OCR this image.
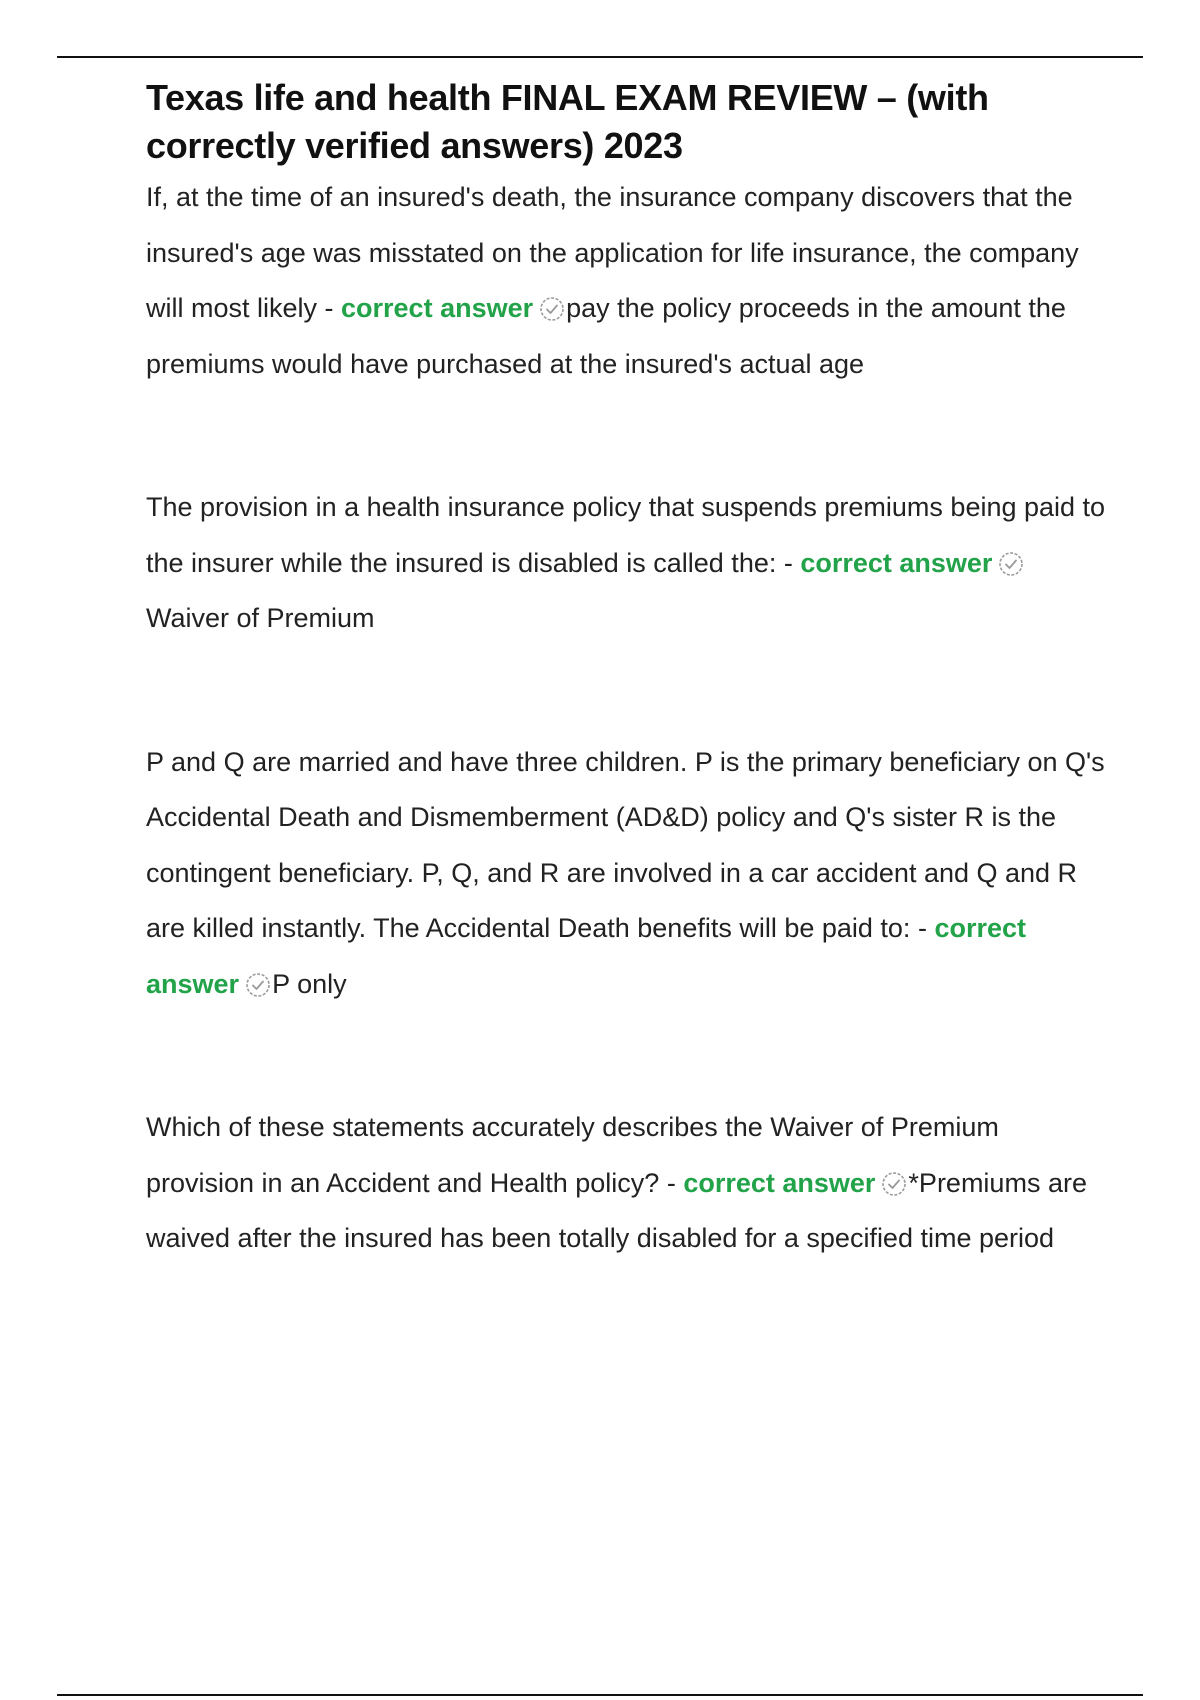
Texas life and health FINAL EXAM REVIEW – (with correctly verified answers) 2023

If, at the time of an insured's death, the insurance company discovers that the insured's age was misstated on the application for life insurance, the company will most likely - correct answer pay the policy proceeds in the amount the premiums would have purchased at the insured's actual age

The provision in a health insurance policy that suspends premiums being paid to the insurer while the insured is disabled is called the: - correct answerWaiver of Premium

P and Q are married and have three children. P is the primary beneficiary on Q's Accidental Death and Dismemberment (AD&D) policy and Q's sister R is the contingent beneficiary. P, Q, and R are involved in a car accident and Q and R are killed instantly. The Accidental Death benefits will be paid to: - correct answer P only

Which of these statements accurately describes the Waiver of Premium provision in an Accident and Health policy? - correct answer *Premiums are waived after the insured has been totally disabled for a specified time period
